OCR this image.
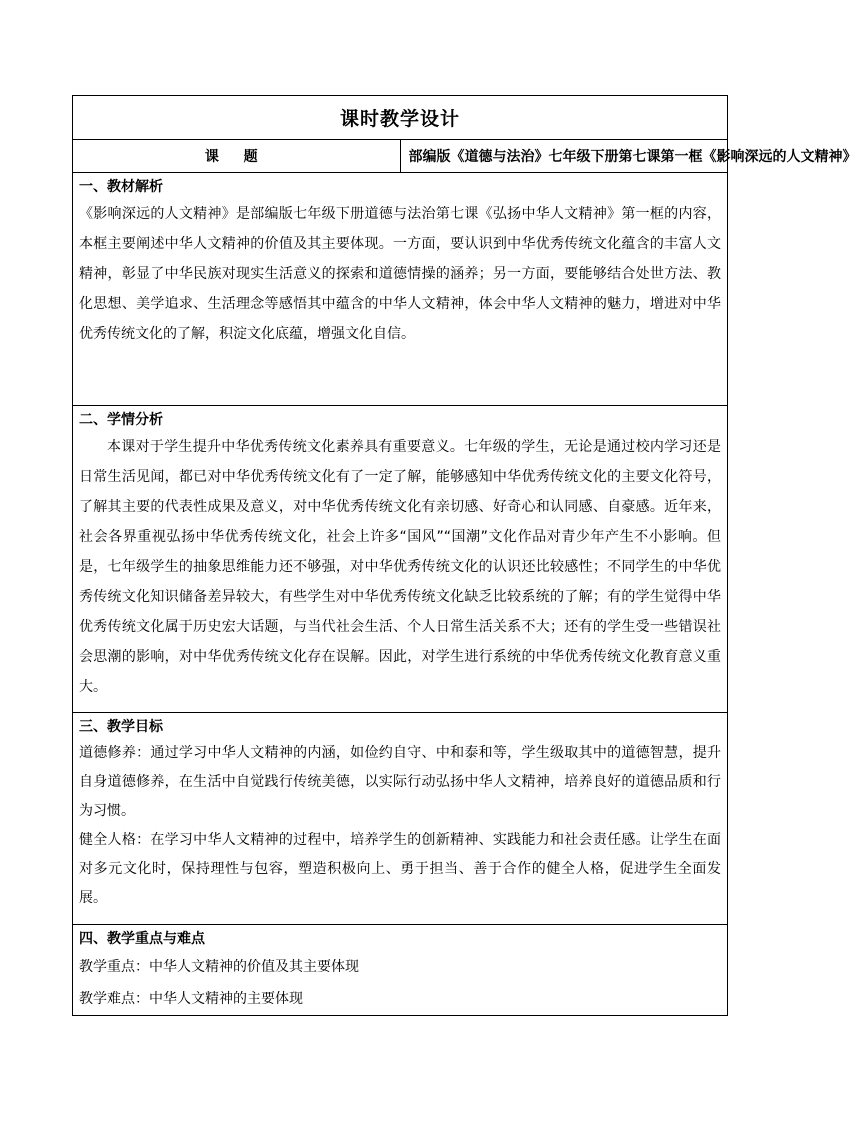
课时教学设计
课 题	部编版《道德与法治》七年级下册第七课第一框《影响深远的人文精神》

一、教材解析

《影响深远的人文精神》是部编版七年级下册道德与法治第七课《弘扬中华人文精神》第一框的内容，本框主要阐述中华人文精神的价值及其主要体现。一方面，要认识到中华优秀传统文化蕴含的丰富人文精神，彰显了中华民族对现实生活意义的探索和道德情操的涵养；另一方面，要能够结合处世方法、教化思想、美学追求、生活理念等感悟其中蕴含的中华人文精神，体会中华人文精神的魅力，增进对中华优秀传统文化的了解，积淀文化底蕴，增强文化自信。

二、学情分析

本课对于学生提升中华优秀传统文化素养具有重要意义。七年级的学生，无论是通过校内学习还是日常生活见闻，都已对中华优秀传统文化有了一定了解，能够感知中华优秀传统文化的主要文化符号，了解其主要的代表性成果及意义，对中华优秀传统文化有亲切感、好奇心和认同感、自豪感。近年来，社会各界重视弘扬中华优秀传统文化，社会上许多“国风”“国潮”文化作品对青少年产生不小影响。但是，七年级学生的抽象思维能力还不够强，对中华优秀传统文化的认识还比较感性；不同学生的中华优秀传统文化知识储备差异较大，有些学生对中华优秀传统文化缺乏比较系统的了解；有的学生觉得中华优秀传统文化属于历史宏大话题，与当代社会生活、个人日常生活关系不大；还有的学生受一些错误社会思潮的影响，对中华优秀传统文化存在误解。因此，对学生进行系统的中华优秀传统文化教育意义重大。

三、教学目标

道德修养：通过学习中华人文精神的内涵，如俭约自守、中和泰和等，学生级取其中的道德智慧，提升自身道德修养，在生活中自觉践行传统美德，以实际行动弘扬中华人文精神，培养良好的道德品质和行为习惯。

健全人格：在学习中华人文精神的过程中，培养学生的创新精神、实践能力和社会责任感。让学生在面对多元文化时，保持理性与包容，塑造积极向上、勇于担当、善于合作的健全人格，促进学生全面发展。

四、教学重点与难点

教学重点：中华人文精神的价值及其主要体现

教学难点：中华人文精神的主要体现
